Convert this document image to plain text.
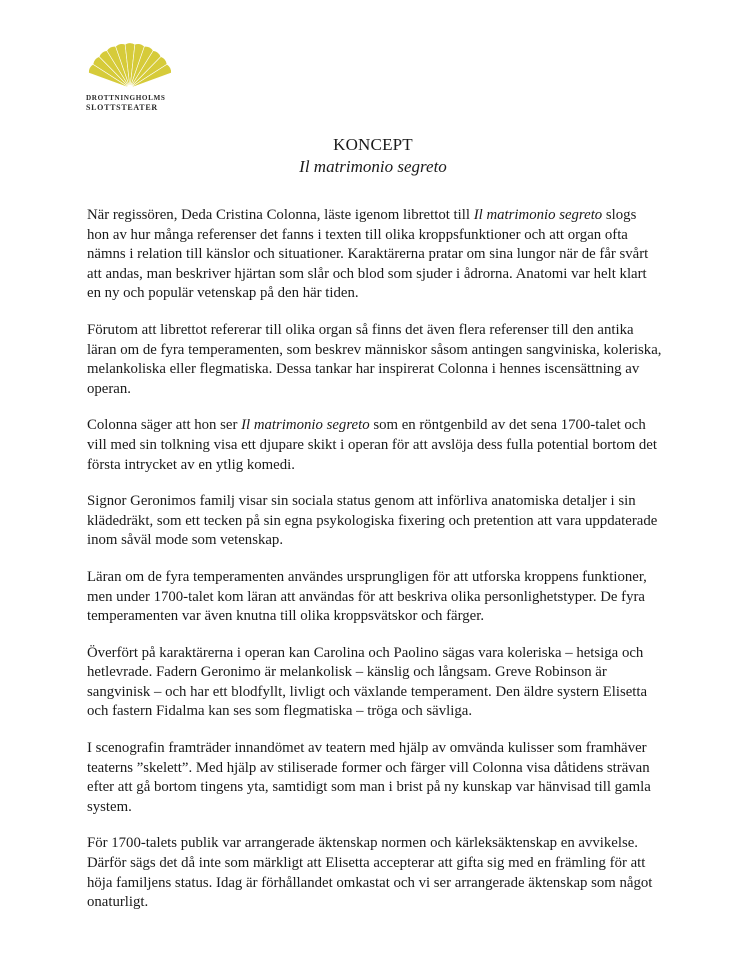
DROTTNINGHOLMS
SLOTTSTEATER
KONCEPT
Il matrimonio segreto

När regissören, Deda Cristina Colonna, läste igenom librettot till Il matrimonio segreto slogs hon av hur många referenser det fanns i texten till olika kroppsfunktioner och att organ ofta nämns i relation till känslor och situationer. Karaktärerna pratar om sina lungor när de får svårt att andas, man beskriver hjärtan som slår och blod som sjuder i ådrorna. Anatomi var helt klart en ny och populär vetenskap på den här tiden.

Förutom att librettot refererar till olika organ så finns det även flera referenser till den antika läran om de fyra temperamenten, som beskrev människor såsom antingen sangviniska, koleriska, melankoliska eller flegmatiska. Dessa tankar har inspirerat Colonna i hennes iscensättning av operan.

Colonna säger att hon ser Il matrimonio segreto som en röntgenbild av det sena 1700-talet och vill med sin tolkning visa ett djupare skikt i operan för att avslöja dess fulla potential bortom det första intrycket av en ytlig komedi.

Signor Geronimos familj visar sin sociala status genom att införliva anatomiska detaljer i sin klädedräkt, som ett tecken på sin egna psykologiska fixering och pretention att vara uppdaterade inom såväl mode som vetenskap.

Läran om de fyra temperamenten användes ursprungligen för att utforska kroppens funktioner, men under 1700-talet kom läran att användas för att beskriva olika personlighetstyper. De fyra temperamenten var även knutna till olika kroppsvätskor och färger.

Överfört på karaktärerna i operan kan Carolina och Paolino sägas vara koleriska – hetsiga och hetlevrade. Fadern Geronimo är melankolisk – känslig och långsam. Greve Robinson är sangvinisk – och har ett blodfyllt, livligt och växlande temperament. Den äldre systern Elisetta och fastern Fidalma kan ses som flegmatiska – tröga och sävliga.

I scenografin framträder innandömet av teatern med hjälp av omvända kulisser som framhäver teaterns ”skelett”. Med hjälp av stiliserade former och färger vill Colonna visa dåtidens strävan efter att gå bortom tingens yta, samtidigt som man i brist på ny kunskap var hänvisad till gamla system.

För 1700-talets publik var arrangerade äktenskap normen och kärleksäktenskap en avvikelse. Därför sägs det då inte som märkligt att Elisetta accepterar att gifta sig med en främling för att höja familjens status. Idag är förhållandet omkastat och vi ser arrangerade äktenskap som något onaturligt.
